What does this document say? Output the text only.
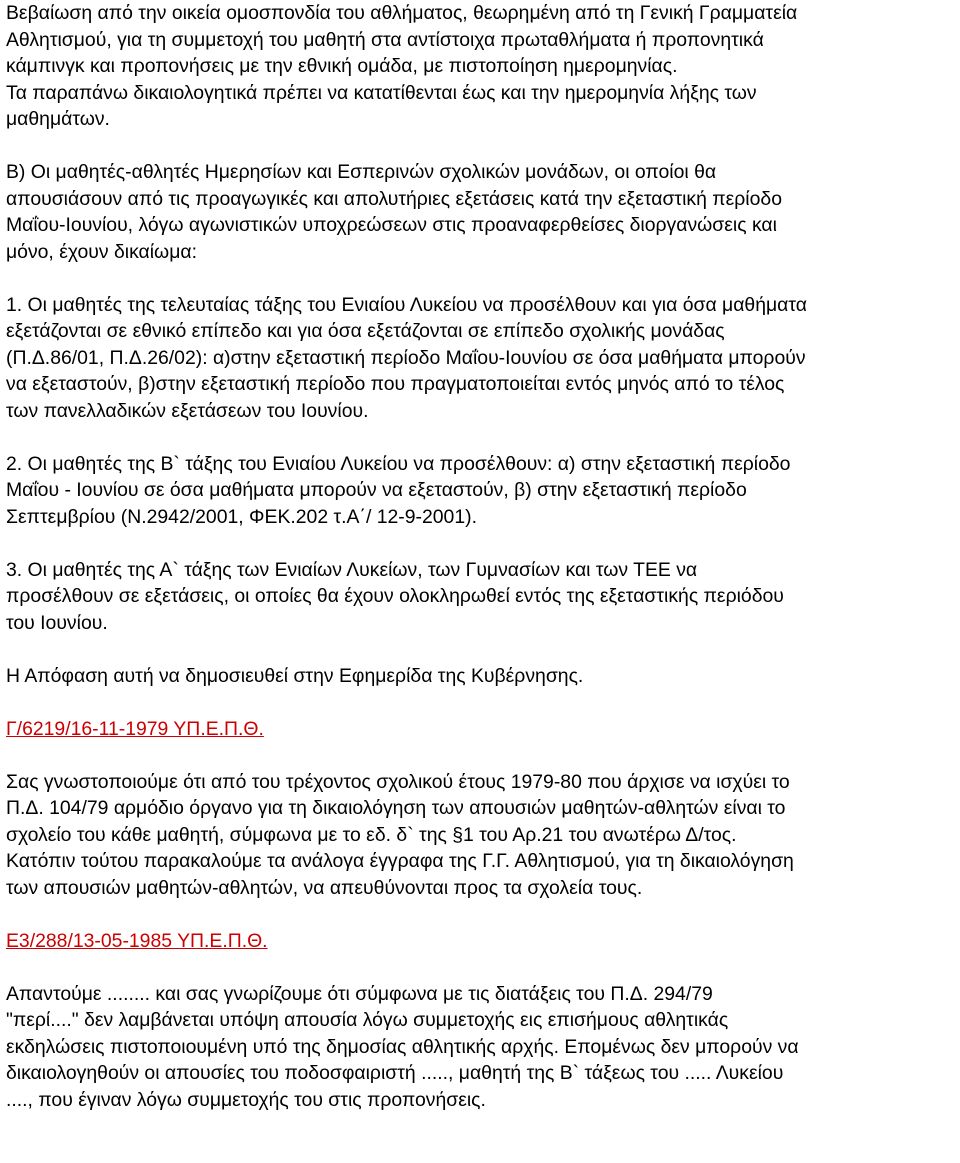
Βεβαίωση από την οικεία ομοσπονδία του αθλήματος, θεωρημένη από τη Γενική Γραμματεία
Αθλητισμού, για τη συμμετοχή του μαθητή στα αντίστοιχα πρωταθλήματα ή προπονητικά
κάμπινγκ και προπονήσεις με την εθνική ομάδα, με πιστοποίηση ημερομηνίας.
Τα παραπάνω δικαιολογητικά πρέπει να κατατίθενται έως και την ημερομηνία λήξης των
μαθημάτων.
Β) Οι μαθητές-αθλητές Ημερησίων και Εσπερινών σχολικών μονάδων, οι οποίοι θα
απουσιάσουν από τις προαγωγικές και απολυτήριες εξετάσεις κατά την εξεταστική περίοδο
Μαΐου-Ιουνίου, λόγω αγωνιστικών υποχρεώσεων στις προαναφερθείσες διοργανώσεις και
μόνο, έχουν δικαίωμα:
1. Οι μαθητές της τελευταίας τάξης του Ενιαίου Λυκείου να προσέλθουν και για όσα μαθήματα
εξετάζονται σε εθνικό επίπεδο και για όσα εξετάζονται σε επίπεδο σχολικής μονάδας
(Π.Δ.86/01, Π.Δ.26/02): α)στην εξεταστική περίοδο Μαΐου-Ιουνίου σε όσα μαθήματα μπορούν
να εξεταστούν, β)στην εξεταστική περίοδο που πραγματοποιείται εντός μηνός από το τέλος
των πανελλαδικών εξετάσεων του Ιουνίου.
2. Οι μαθητές της Β` τάξης του Ενιαίου Λυκείου να προσέλθουν: α) στην εξεταστική περίοδο
Μαΐου - Ιουνίου σε όσα μαθήματα μπορούν να εξεταστούν, β) στην εξεταστική περίοδο
Σεπτεμβρίου (Ν.2942/2001, ΦΕΚ.202 τ.Α΄/ 12-9-2001).
3. Οι μαθητές της Α` τάξης των Ενιαίων Λυκείων, των Γυμνασίων και των ΤΕΕ να
προσέλθουν σε εξετάσεις, οι οποίες θα έχουν ολοκληρωθεί εντός της εξεταστικής περιόδου
του Ιουνίου.
Η Απόφαση αυτή να δημοσιευθεί στην Εφημερίδα της Κυβέρνησης.
Γ/6219/16-11-1979 ΥΠ.Ε.Π.Θ.
Σας γνωστοποιούμε ότι από του τρέχοντος σχολικού έτους 1979-80 που άρχισε να ισχύει το
Π.Δ. 104/79 αρμόδιο όργανο για τη δικαιολόγηση των απουσιών μαθητών-αθλητών είναι το
σχολείο του κάθε μαθητή, σύμφωνα με το εδ. δ` της §1 του Αρ.21 του ανωτέρω Δ/τος.
Κατόπιν τούτου παρακαλούμε τα ανάλογα έγγραφα της Γ.Γ. Αθλητισμού, για τη δικαιολόγηση
των απουσιών μαθητών-αθλητών, να απευθύνονται προς τα σχολεία τους.
Ε3/288/13-05-1985 ΥΠ.Ε.Π.Θ.
Απαντούμε ........ και σας γνωρίζουμε ότι σύμφωνα με τις διατάξεις του Π.Δ. 294/79
"περί...." δεν λαμβάνεται υπόψη απουσία λόγω συμμετοχής εις επισήμους αθλητικάς
εκδηλώσεις πιστοποιουμένη υπό της δημοσίας αθλητικής αρχής. Επομένως δεν μπορούν να
δικαιολογηθούν οι απουσίες του ποδοσφαιριστή ....., μαθητή της Β` τάξεως του ..... Λυκείου
...., που έγιναν λόγω συμμετοχής του στις προπονήσεις.
